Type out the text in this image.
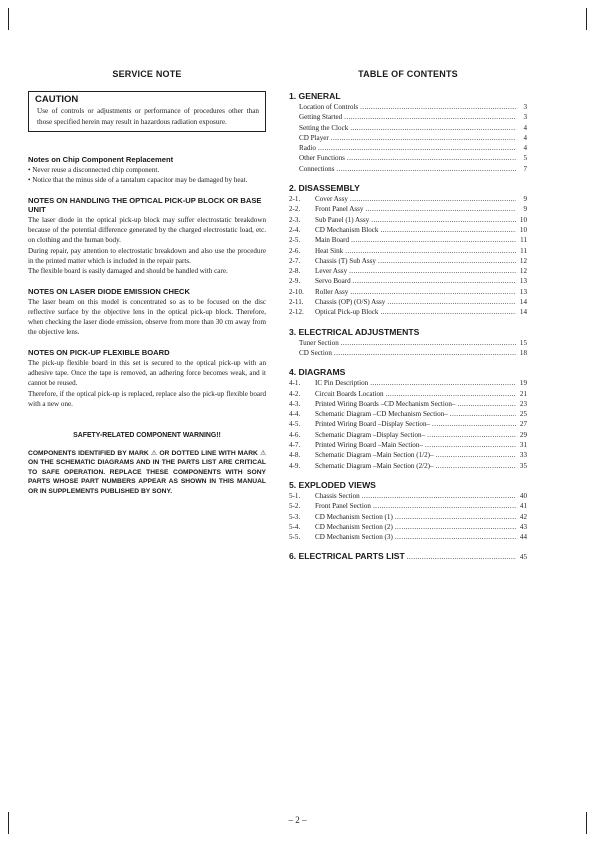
SERVICE NOTE
CAUTION

Use of controls or adjustments or performance of procedures other than those specified herein may result in hazardous radiation exposure.

Notes on Chip Component Replacement

• Never reuse a disconnected chip component.

• Notice that the minus side of a tantalum capacitor may be damaged by heat.

NOTES ON HANDLING THE OPTICAL PICK-UP BLOCK OR BASE UNIT

The laser diode in the optical pick-up block may suffer electrostatic breakdown because of the potential difference generated by the charged electrostatic load, etc. on clothing and the human body.

During repair, pay attention to electrostatic breakdown and also use the procedure in the printed matter which is included in the repair parts.

The flexible board is easily damaged and should be handled with care.

NOTES ON LASER DIODE EMISSION CHECK

The laser beam on this model is concentrated so as to be focused on the disc reflective surface by the objective lens in the optical pick-up block. Therefore, when checking the laser diode emission, observe from more than 30 cm away from the objective lens.

NOTES ON PICK-UP FLEXIBLE BOARD

The pick-up flexible board in this set is secured to the optical pick-up with an adhesive tape. Once the tape is removed, an adhering force becomes weak, and it cannot be reused.

Therefore, if the optical pick-up is replaced, replace also the pick-up flexible board with a new one.

SAFETY-RELATED COMPONENT WARNING!!

COMPONENTS IDENTIFIED BY MARK ⚠ OR DOTTED LINE WITH MARK ⚠ ON THE SCHEMATIC DIAGRAMS AND IN THE PARTS LIST ARE CRITICAL TO SAFE OPERATION. REPLACE THESE COMPONENTS WITH SONY PARTS WHOSE PART NUMBERS APPEAR AS SHOWN IN THIS MANUAL OR IN SUPPLEMENTS PUBLISHED BY SONY.

TABLE OF CONTENTS
1. GENERAL
Location of Controls .....	3
Getting Started .....	3
Setting the Clock .....	4
CD Player .....	4
Radio .....	4
Other Functions .....	5
Connections .....	7
2. DISASSEMBLY
2-1.	Cover Assy .....	9
2-2.	Front Panel Assy .....	9
2-3.	Sub Panel (1) Assy .....	10
2-4.	CD Mechanism Block .....	10
2-5.	Main Board .....	11
2-6.	Heat Sink .....	11
2-7.	Chassis (T) Sub Assy .....	12
2-8.	Lever Assy .....	12
2-9.	Servo Board .....	13
2-10.	Roller Assy .....	13
2-11.	Chassis (OP) (O/S) Assy .....	14
2-12.	Optical Pick-up Block .....	14
3. ELECTRICAL ADJUSTMENTS
Tuner Section .....	15
CD Section .....	18
4. DIAGRAMS
4-1.	IC Pin Description .....	19
4-2.	Circuit Boards Location .....	21
4-3.	Printed Wiring Boards –CD Mechanism Section– .....	23
4-4.	Schematic Diagram –CD Mechanism Section– .....	25
4-5.	Printed Wiring Board –Display Section– .....	27
4-6.	Schematic Diagram –Display Section– .....	29
4-7.	Printed Wiring Board –Main Section– .....	31
4-8.	Schematic Diagram –Main Section (1/2)– .....	33
4-9.	Schematic Diagram –Main Section (2/2)– .....	35
5. EXPLODED VIEWS
5-1.	Chassis Section .....	40
5-2.	Front Panel Section .....	41
5-3.	CD Mechanism Section (1) .....	42
5-4.	CD Mechanism Section (2) .....	43
5-5.	CD Mechanism Section (3) .....	44
6. ELECTRICAL PARTS LIST .....	45
– 2 –
